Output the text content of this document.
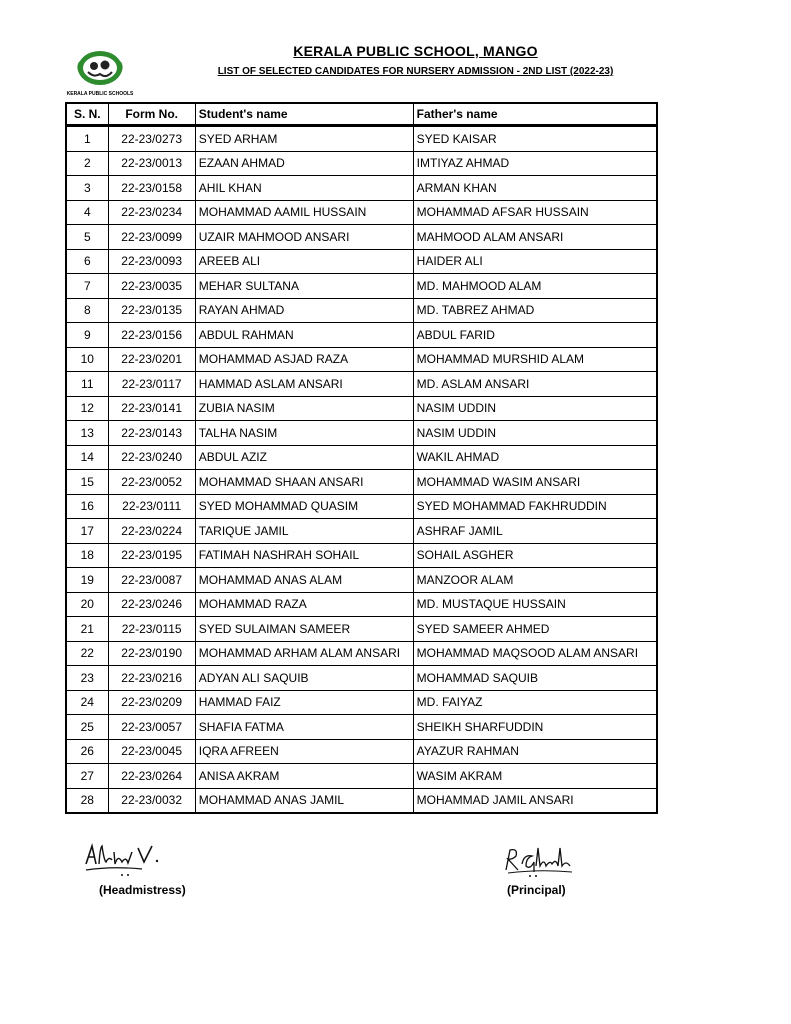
KERALA PUBLIC SCHOOLS
KERALA PUBLIC SCHOOL, MANGO
LIST OF SELECTED CANDIDATES FOR NURSERY ADMISSION - 2ND LIST (2022-23)
S. N.	Form No.	Student's name	Father's name
1	22-23/0273	SYED ARHAM	SYED KAISAR
2	22-23/0013	EZAAN AHMAD	IMTIYAZ AHMAD
3	22-23/0158	AHIL KHAN	ARMAN KHAN
4	22-23/0234	MOHAMMAD AAMIL HUSSAIN	MOHAMMAD AFSAR HUSSAIN
5	22-23/0099	UZAIR MAHMOOD ANSARI	MAHMOOD ALAM ANSARI
6	22-23/0093	AREEB ALI	HAIDER ALI
7	22-23/0035	MEHAR SULTANA	MD. MAHMOOD ALAM
8	22-23/0135	RAYAN AHMAD	MD. TABREZ AHMAD
9	22-23/0156	ABDUL RAHMAN	ABDUL FARID
10	22-23/0201	MOHAMMAD ASJAD RAZA	MOHAMMAD MURSHID ALAM
11	22-23/0117	HAMMAD ASLAM ANSARI	MD. ASLAM ANSARI
12	22-23/0141	ZUBIA NASIM	NASIM UDDIN
13	22-23/0143	TALHA NASIM	NASIM UDDIN
14	22-23/0240	ABDUL AZIZ	WAKIL AHMAD
15	22-23/0052	MOHAMMAD SHAAN ANSARI	MOHAMMAD WASIM ANSARI
16	22-23/0111	SYED MOHAMMAD QUASIM	SYED MOHAMMAD FAKHRUDDIN
17	22-23/0224	TARIQUE JAMIL	ASHRAF JAMIL
18	22-23/0195	FATIMAH NASHRAH SOHAIL	SOHAIL ASGHER
19	22-23/0087	MOHAMMAD ANAS ALAM	MANZOOR ALAM
20	22-23/0246	MOHAMMAD RAZA	MD. MUSTAQUE HUSSAIN
21	22-23/0115	SYED SULAIMAN SAMEER	SYED SAMEER AHMED
22	22-23/0190	MOHAMMAD ARHAM ALAM ANSARI	MOHAMMAD MAQSOOD ALAM ANSARI
23	22-23/0216	ADYAN ALI SAQUIB	MOHAMMAD SAQUIB
24	22-23/0209	HAMMAD FAIZ	MD. FAIYAZ
25	22-23/0057	SHAFIA FATMA	SHEIKH SHARFUDDIN
26	22-23/0045	IQRA AFREEN	AYAZUR RAHMAN
27	22-23/0264	ANISA AKRAM	WASIM AKRAM
28	22-23/0032	MOHAMMAD ANAS JAMIL	MOHAMMAD JAMIL ANSARI
(Headmistress)	(Principal)
